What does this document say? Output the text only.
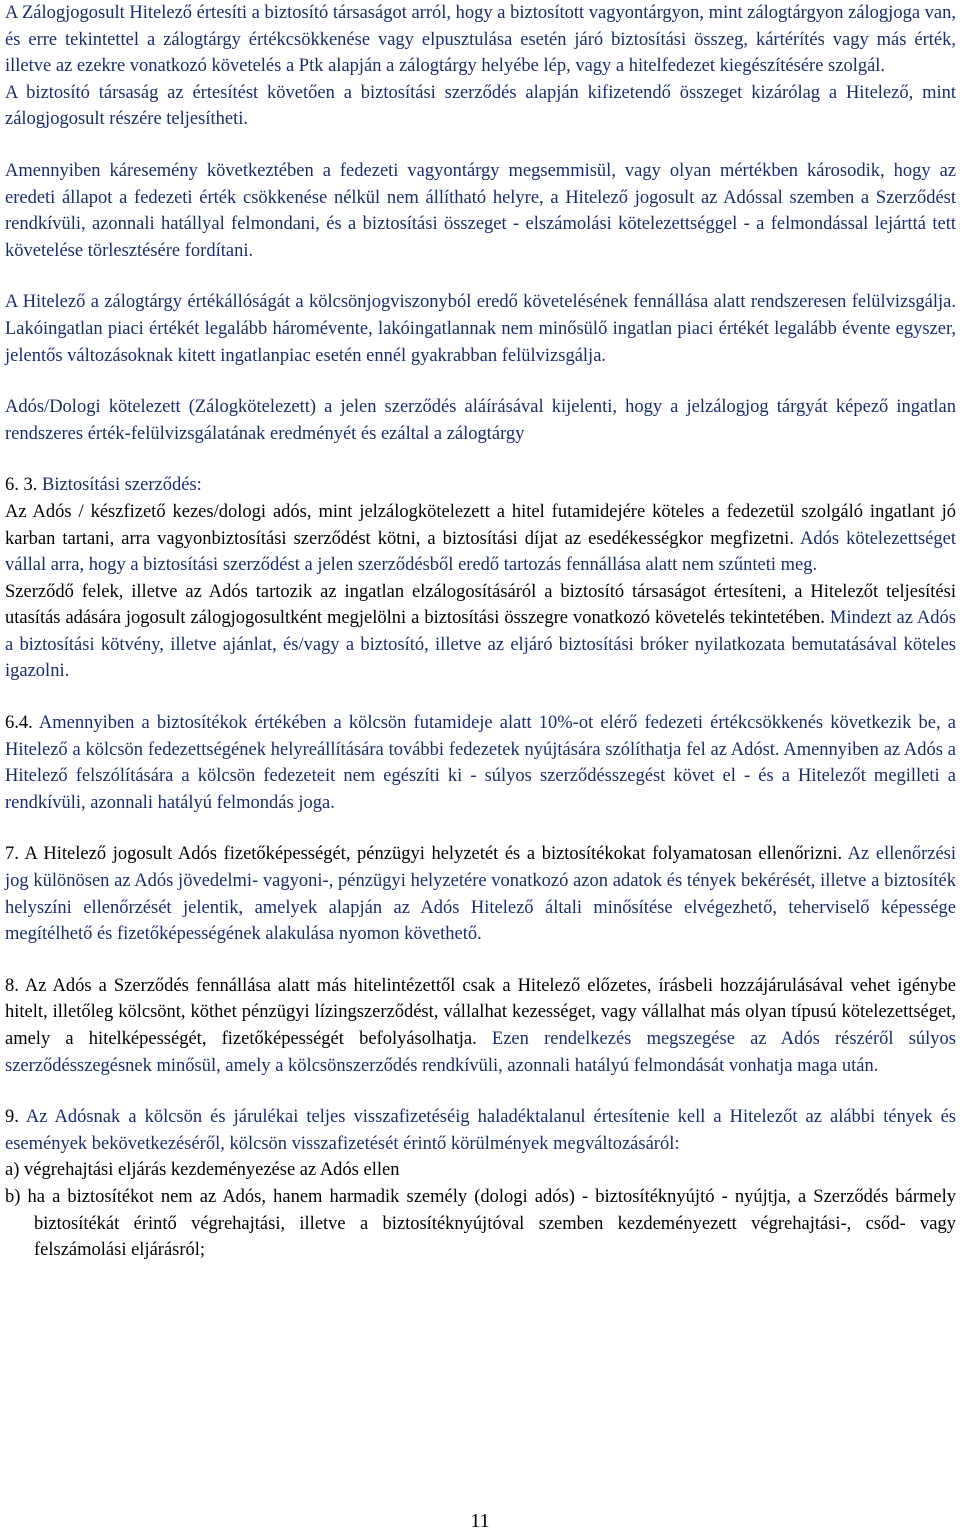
A Zálogjogosult Hitelező értesíti a biztosító társaságot arról, hogy a biztosított vagyontárgyon, mint zálogtárgyon zálogjoga van, és erre tekintettel a zálogtárgy értékcsökkenése vagy elpusztulása esetén járó biztosítási összeg, kártérítés vagy más érték, illetve az ezekre vonatkozó követelés a Ptk alapján a zálogtárgy helyébe lép, vagy a hitelfedezet kiegészítésére szolgál.

A biztosító társaság az értesítést követően a biztosítási szerződés alapján kifizetendő összeget kizárólag a Hitelező, mint zálogjogosult részére teljesítheti.

Amennyiben káresemény következtében a fedezeti vagyontárgy megsemmisül, vagy olyan mértékben károsodik, hogy az eredeti állapot a fedezeti érték csökkenése nélkül nem állítható helyre, a Hitelező jogosult az Adóssal szemben a Szerződést rendkívüli, azonnali hatállyal felmondani, és a biztosítási összeget - elszámolási kötelezettséggel - a felmondással lejárttá tett követelése törlesztésére fordítani.

A Hitelező a zálogtárgy értékállóságát a kölcsönjogviszonyból eredő követelésének fennállása alatt rendszeresen felülvizsgálja. Lakóingatlan piaci értékét legalább háromévente, lakóingatlannak nem minősülő ingatlan piaci értékét legalább évente egyszer, jelentős változásoknak kitett ingatlanpiac esetén ennél gyakrabban felülvizsgálja.

Adós/Dologi kötelezett (Zálogkötelezett) a jelen szerződés aláírásával kijelenti, hogy a jelzálogjog tárgyát képező ingatlan rendszeres érték-felülvizsgálatának eredményét és ezáltal a zálogtárgy

6. 3. Biztosítási szerződés:

Az Adós / készfizető kezes/dologi adós, mint jelzálogkötelezett a hitel futamidejére köteles a fedezetül szolgáló ingatlant jó karban tartani, arra vagyonbiztosítási szerződést kötni, a biztosítási díjat az esedékességkor megfizetni. Adós kötelezettséget vállal arra, hogy a biztosítási szerződést a jelen szerződésből eredő tartozás fennállása alatt nem szűnteti meg.

Szerződő felek, illetve az Adós tartozik az ingatlan elzálogosításáról a biztosító társaságot értesíteni, a Hitelezőt teljesítési utasítás adására jogosult zálogjogosultként megjelölni a biztosítási összegre vonatkozó követelés tekintetében. Mindezt az Adós a biztosítási kötvény, illetve ajánlat, és/vagy a biztosító, illetve az eljáró biztosítási bróker nyilatkozata bemutatásával köteles igazolni.

6.4. Amennyiben a biztosítékok értékében a kölcsön futamideje alatt 10%-ot elérő fedezeti értékcsökkenés következik be, a Hitelező a kölcsön fedezettségének helyreállítására további fedezetek nyújtására szólíthatja fel az Adóst. Amennyiben az Adós a Hitelező felszólítására a kölcsön fedezeteit nem egészíti ki - súlyos szerződésszegést követ el - és a Hitelezőt megilleti a rendkívüli, azonnali hatályú felmondás joga.

7. A Hitelező jogosult Adós fizetőképességét, pénzügyi helyzetét és a biztosítékokat folyamatosan ellenőrizni. Az ellenőrzési jog különösen az Adós jövedelmi- vagyoni-, pénzügyi helyzetére vonatkozó azon adatok és tények bekérését, illetve a biztosíték helyszíni ellenőrzését jelentik, amelyek alapján az Adós Hitelező általi minősítése elvégezhető, teherviselő képessége megítélhető és fizetőképességének alakulása nyomon követhető.

8. Az Adós a Szerződés fennállása alatt más hitelintézettől csak a Hitelező előzetes, írásbeli hozzájárulásával vehet igénybe hitelt, illetőleg kölcsönt, köthet pénzügyi lízingszerződést, vállalhat kezességet, vagy vállalhat más olyan típusú kötelezettséget, amely a hitelképességét, fizetőképességét befolyásolhatja. Ezen rendelkezés megszegése az Adós részéről súlyos szerződésszegésnek minősül, amely a kölcsönszerződés rendkívüli, azonnali hatályú felmondását vonhatja maga után.

9. Az Adósnak a kölcsön és járulékai teljes visszafizetéséig haladéktalanul értesítenie kell a Hitelezőt az alábbi tények és események bekövetkezéséről, kölcsön visszafizetését érintő körülmények megváltozásáról:

a) végrehajtási eljárás kezdeményezése az Adós ellen

b) ha a biztosítékot nem az Adós, hanem harmadik személy (dologi adós) - biztosítéknyújtó - nyújtja, a Szerződés bármely biztosítékát érintő végrehajtási, illetve a biztosítéknyújtóval szemben kezdeményezett végrehajtási-, csőd- vagy felszámolási eljárásról;

11
